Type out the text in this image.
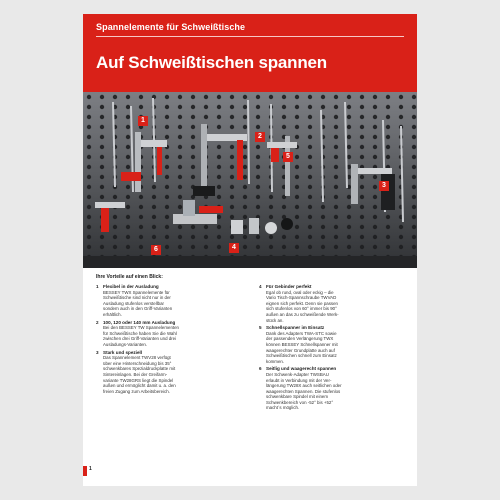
Spannelemente für Schweißtische
Auf Schweißtischen spannen
1
2
5
3
6	4
Ihre Vorteile auf einen Blick:
1 Flexibel in der Ausladung
BESSEY TWX Spannelemente für
Schweißtische sind nicht nur in der
Ausladung stufenlos verstellbar
sondern auch in den Griff-Varianten
erhältlich.
2 100, 120 oder 140 mm Ausladung
Bei den BESSEY TW Spannelementen
für Schweißtische haben Sie die Wahl
zwischen drei Griff-Varianten und drei
Ausladungs-Varianten.
3 Stark und speziell
Das Spannelement TWV28 verfügt
über eine Hinterschneidung bis 35°
schwenkbares Spezialdruckplatte mit
Sintereinlagen. Bei der Greifarm-
variante TW28GRS liegt die Spindel
außen und ermöglicht damit u. a. den
freien Zugang zum Arbeitsbereich.
4 Für Gebinder perfekt
Egal ob rund, oval oder eckig – die
Vario Tisch-Spannschraube TWVAD
eignen sich perfekt. Denn sie passen
sich stufenlos von 60° immer bis 90°
außen an das zu schweißende Werk-
stück an.
5 Schnellspanner im Einsatz
Dank des Adapters TWA-STC sowie
der passenden Verlängerung TWX
können BESSEY Schnellspanner mit
waagerechter Grundplatte auch auf
Schweißtischen schnell zum Einsatz
kommen.
6 Seitlig und waagerecht spannen
Der Schwenk-Adapter TWSBAU
erlaubt in Verbindung mit der Ver-
längerung TW28X auch seitlichen oder
waagerechten Spannen. Die stufenlos
schwenkbare Spindel mit einem
Schwenkbereich von -52° bis +52°
macht´s möglich.
1
